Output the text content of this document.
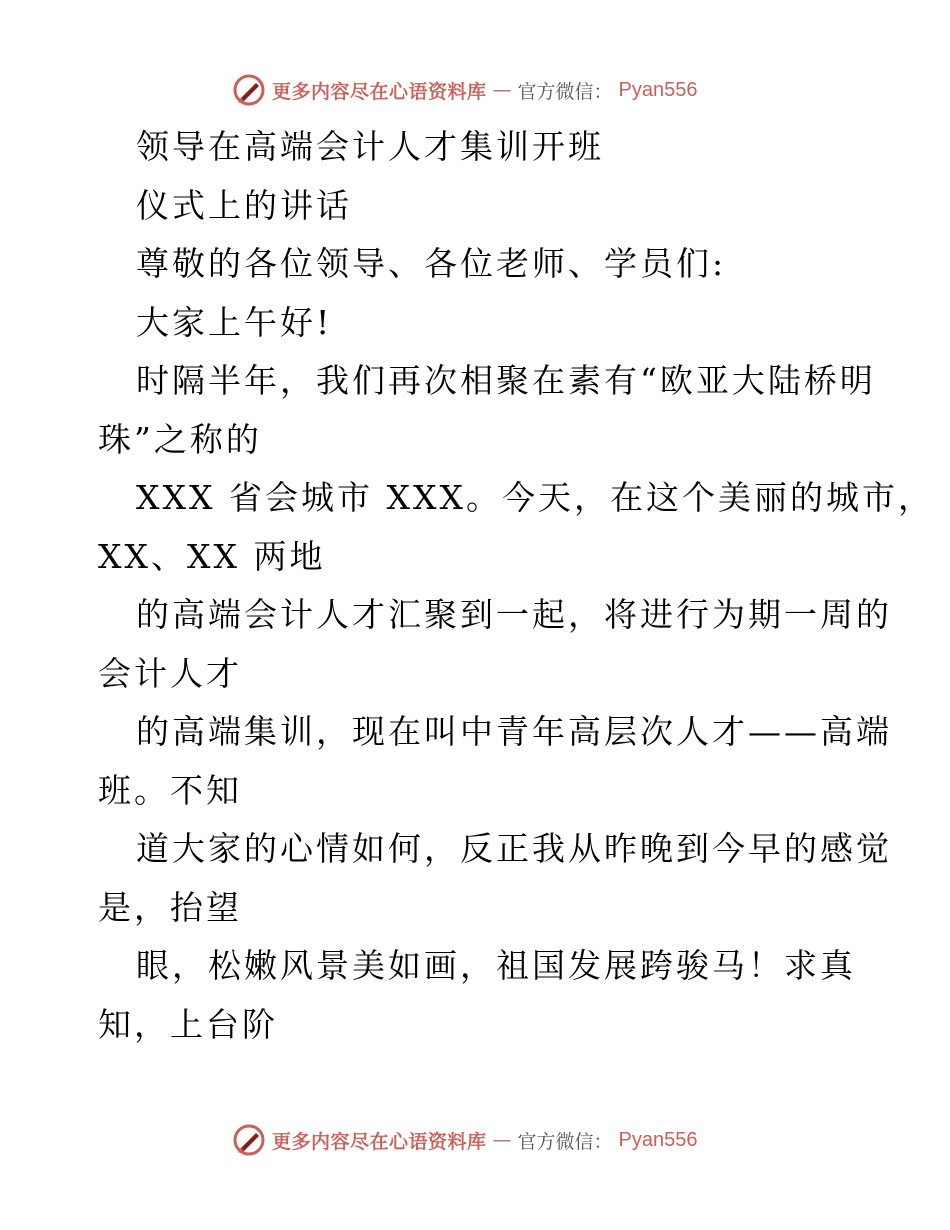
更多内容尽在心语资料库 — 官方微信： Pyan556
领导在高端会计人才集训开班
仪式上的讲话
尊敬的各位领导、各位老师、学员们:
大家上午好!
时隔半年，我们再次相聚在素有“欧亚大陆桥明
珠”之称的
XXX 省会城市 XXX。今天，在这个美丽的城市，
XX、XX 两地
的高端会计人才汇聚到一起，将进行为期一周的
会计人才
的高端集训，现在叫中青年高层次人才——高端
班。不知
道大家的心情如何，反正我从昨晚到今早的感觉
是，抬望
眼，松嫩风景美如画，祖国发展跨骏马！求真
知，上台阶
更多内容尽在心语资料库 — 官方微信： Pyan556
